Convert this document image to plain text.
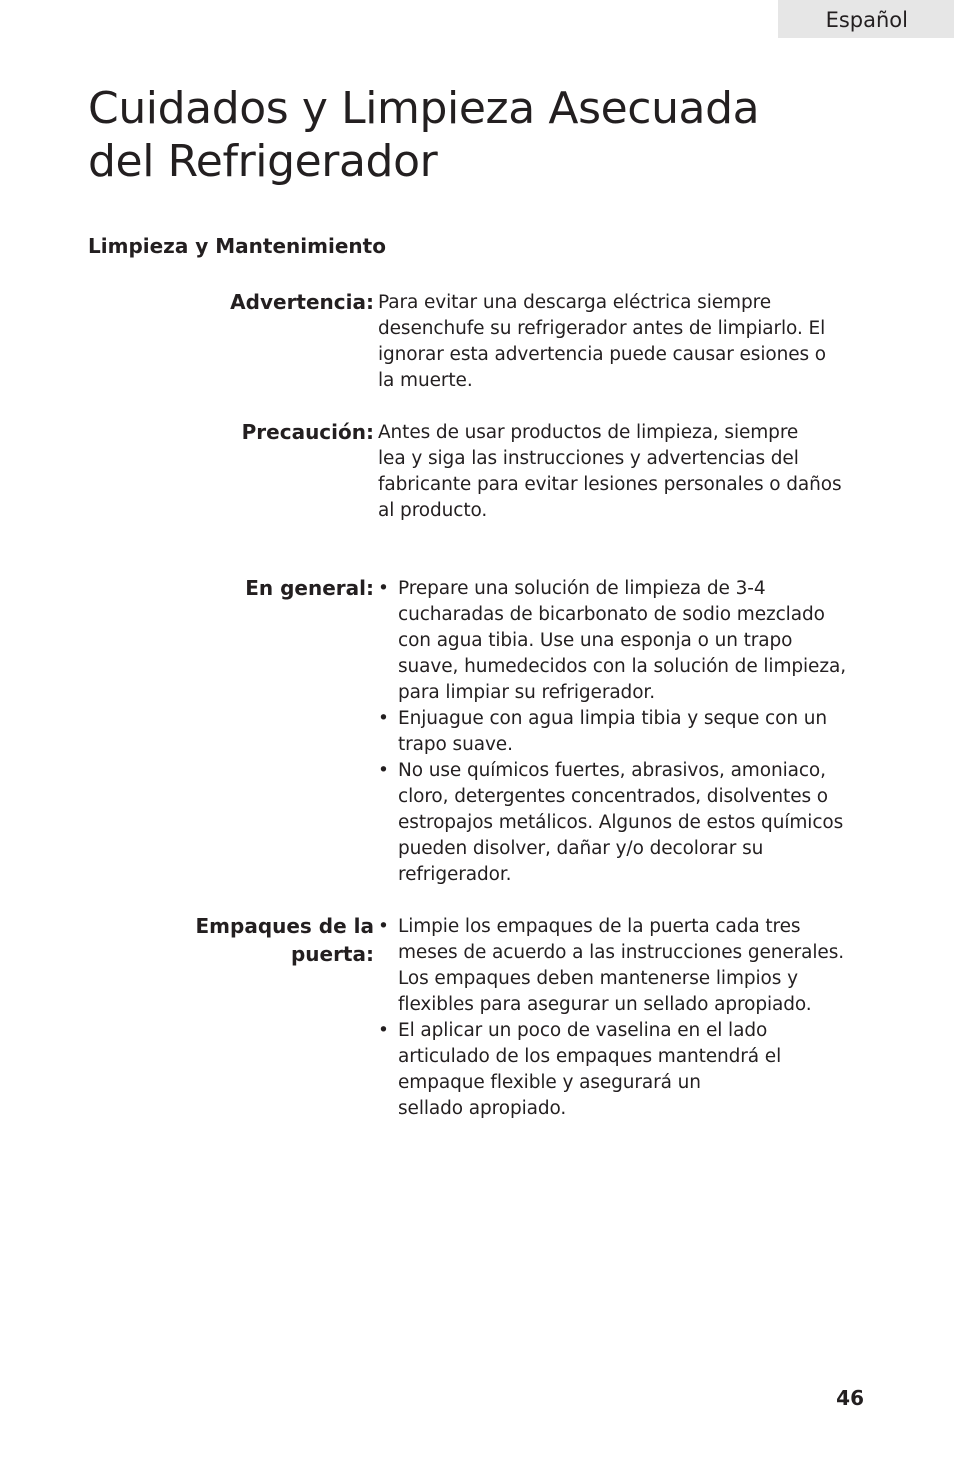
Español
Cuidados y Limpieza Asecuada
del Refrigerador
Limpieza y Mantenimiento
Advertencia: Para evitar una descarga eléctrica siempre
desenchufe su refrigerador antes de limpiarlo. El
ignorar esta advertencia puede causar esiones o
la muerte.
Precaución: Antes de usar productos de limpieza, siempre
lea y siga las instrucciones y advertencias del
fabricante para evitar lesiones personales o daños
al producto.
En general: • Prepare una solución de limpieza de 3-4
cucharadas de bicarbonato de sodio mezclado
con agua tibia. Use una esponja o un trapo
suave, humedecidos con la solución de limpieza,
para limpiar su refrigerador.
• Enjuague con agua limpia tibia y seque con un
trapo suave.
• No use químicos fuertes, abrasivos, amoniaco,
cloro, detergentes concentrados, disolventes o
estropajos metálicos. Algunos de estos químicos
pueden disolver, dañar y/o decolorar su
refrigerador.
Empaques de la
puerta:
• Limpie los empaques de la puerta cada tres
meses de acuerdo a las instrucciones generales.
Los empaques deben mantenerse limpios y
flexibles para asegurar un sellado apropiado.
• El aplicar un poco de vaselina en el lado
articulado de los empaques mantendrá el
empaque flexible y asegurará un
sellado apropiado.
46
